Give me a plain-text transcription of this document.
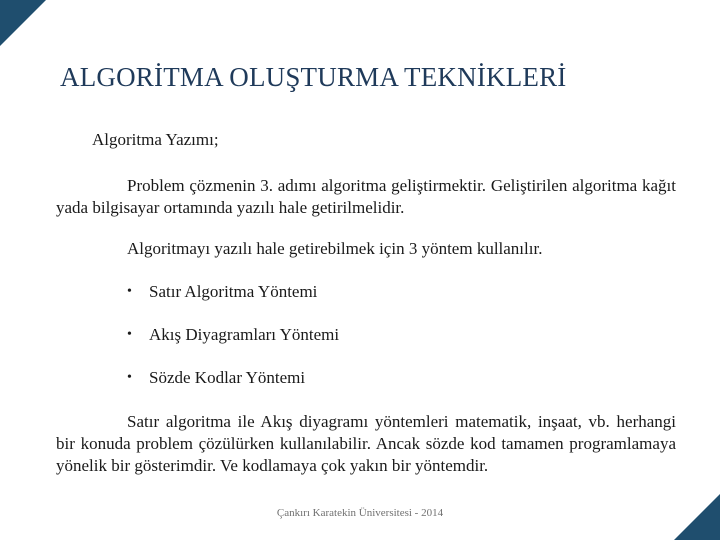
ALGORİTMA OLUŞTURMA TEKNİKLERİ
Algoritma Yazımı;
Problem çözmenin 3. adımı algoritma geliştirmektir. Geliştirilen algoritma kağıt yada bilgisayar ortamında yazılı hale getirilmelidir.
Algoritmayı yazılı hale getirebilmek için 3 yöntem kullanılır.
• Satır Algoritma Yöntemi
• Akış Diyagramları Yöntemi
• Sözde Kodlar Yöntemi
Satır algoritma ile Akış diyagramı yöntemleri matematik, inşaat, vb. herhangi bir konuda problem çözülürken kullanılabilir. Ancak sözde kod tamamen programlamaya yönelik bir gösterimdir. Ve kodlamaya çok yakın bir yöntemdir.
Çankırı Karatekin Üniversitesi - 2014
